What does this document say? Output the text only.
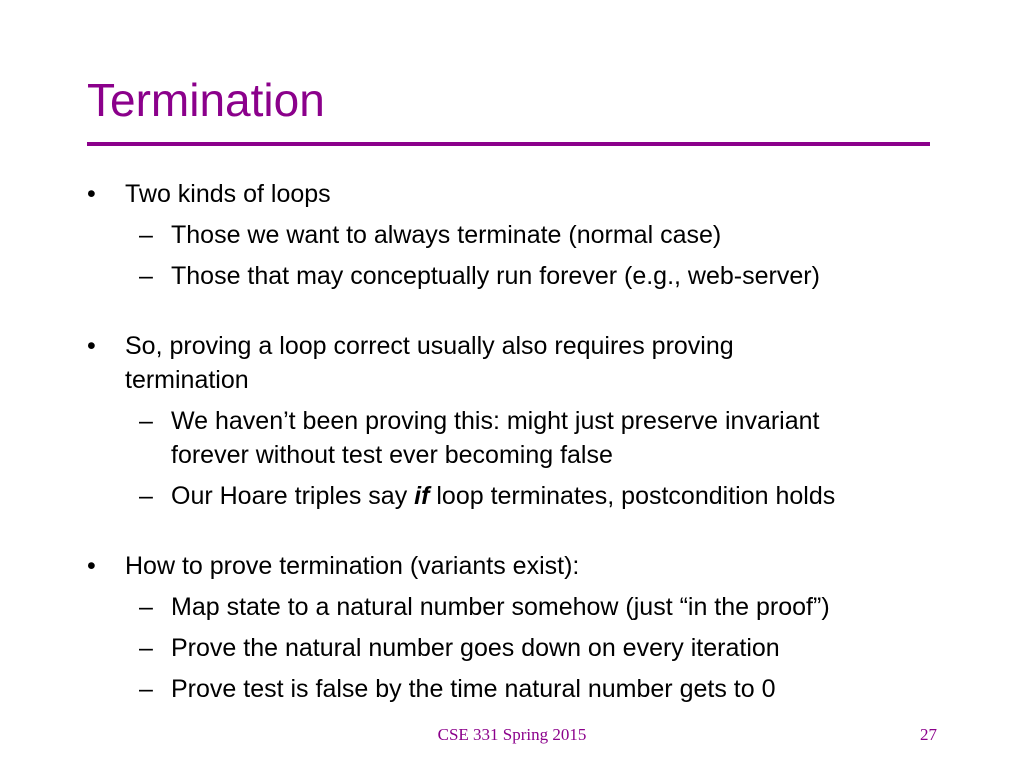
Termination
• Two kinds of loops
– Those we want to always terminate (normal case)
– Those that may conceptually run forever (e.g., web-server)
• So, proving a loop correct usually also requires proving
termination
– We haven’t been proving this: might just preserve invariant
forever without test ever becoming false
– Our Hoare triples say if loop terminates, postcondition holds
• How to prove termination (variants exist):
– Map state to a natural number somehow (just “in the proof”)
– Prove the natural number goes down on every iteration
– Prove test is false by the time natural number gets to 0
CSE 331 Spring 2015	27
